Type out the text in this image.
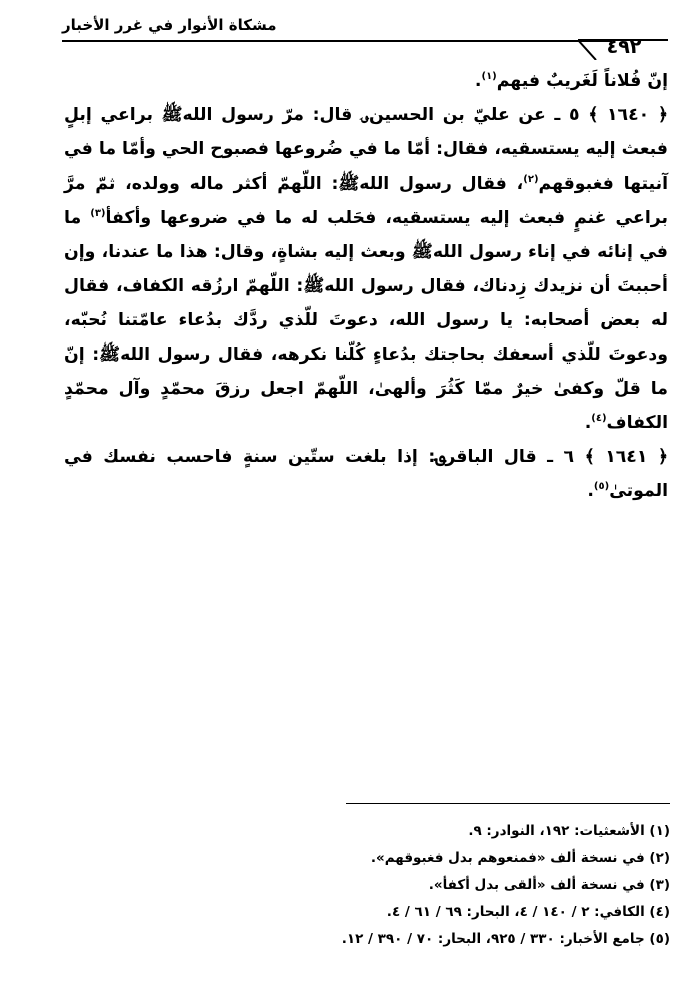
مشكاة الأنوار في غرر الأخبار
٤٩٢

إنّ فُلاناً لَغَريبٌ فيهم$^{(١)}$.

﴿ ١٦٤٠ ﴾ ٥ ـ عن عليّ بن الحسين؈ قال: مرّ رسول اللهﷺ براعي إبلٍ فبعث إليه يستسقيه، فقال: أمّا ما في ضُروعها فصبوح الحي وأمّا ما في آنيتها فغبوقهم$^{(٢)}$، فقال رسول اللهﷺ: اللّهمّ أكثر ماله وولده، ثمّ مرَّ براعي غنمٍ فبعث إليه يستسقيه، فحَلب له ما في ضروعها وأكفأ$^{(٣)}$ ما في إنائه في إناء رسول اللهﷺ وبعث إليه بشاةٍ، وقال: هذا ما عندنا، وإن أحببتَ أن نزيدك زِدناك، فقال رسول اللهﷺ: اللّهمّ ارزُقه الكفاف، فقال له بعض أصحابه: يا رسول الله، دعوتَ للّذي ردَّك بدُعاء عامّتنا نُحبّه، ودعوتَ للّذي أسعفك بحاجتك بدُعاءٍ كُلّنا نكرهه، فقال رسول اللهﷺ: إنّ ما قلّ وكفىٰ خيرٌ ممّا كَثُرَ وألهىٰ، اللّهمّ اجعل رزقَ محمّدٍ وآل محمّدٍ الكفاف$^{(٤)}$.

﴿ ١٦٤١ ﴾ ٦ ـ قال الباقر؈: إذا بلغت ستّين سنةٍ فاحسب نفسك في الموتىٰ$^{(٥)}$.

(١) الأشعثيات: ١٩٢، النوادر: ٩.

(٢) في نسخة ألف «فمنعوهم بدل فغبوقهم».

(٣) في نسخة ألف «ألقى بدل أكفأ».

(٤) الكافي: ٢ / ١٤٠ / ٤، البحار: ٦٩ / ٦١ / ٤.

(٥) جامع الأخبار: ٣٣٠ / ٩٢٥، البحار: ٧٠ / ٣٩٠ / ١٢.
